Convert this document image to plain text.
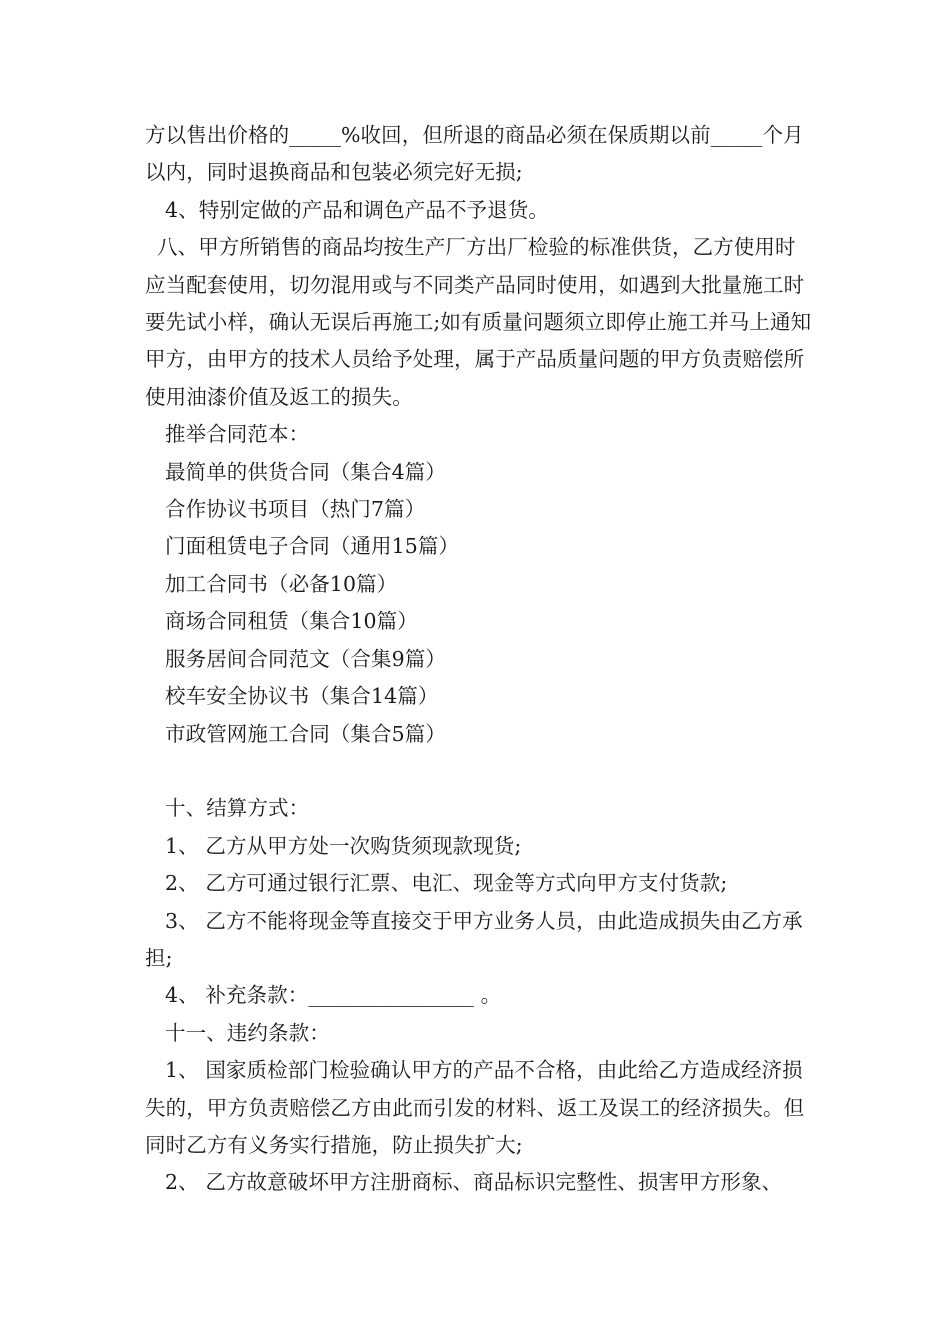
方以售出价格的_____%收回，但所退的商品必须在保质期以前_____个月以内，同时退换商品和包装必须完好无损;

4、特别定做的产品和调色产品不予退货。

八、甲方所销售的商品均按生产厂方出厂检验的标准供货，乙方使用时应当配套使用，切勿混用或与不同类产品同时使用，如遇到大批量施工时要先试小样，确认无误后再施工;如有质量问题须立即停止施工并马上通知甲方，由甲方的技术人员给予处理，属于产品质量问题的甲方负责赔偿所使用油漆价值及返工的损失。

推举合同范本：

最简单的供货合同（集合4篇）

合作协议书项目（热门7篇）

门面租赁电子合同（通用15篇）

加工合同书（必备10篇）

商场合同租赁（集合10篇）

服务居间合同范文（合集9篇）

校车安全协议书（集合14篇）

市政管网施工合同（集合5篇）

十、结算方式：

1、 乙方从甲方处一次购货须现款现货;

2、 乙方可通过银行汇票、电汇、现金等方式向甲方支付货款;

3、 乙方不能将现金等直接交于甲方业务人员，由此造成损失由乙方承担;

4、 补充条款：________________ 。

十一、违约条款：

1、 国家质检部门检验确认甲方的产品不合格，由此给乙方造成经济损失的，甲方负责赔偿乙方由此而引发的材料、返工及误工的经济损失。但同时乙方有义务实行措施，防止损失扩大;

2、 乙方故意破坏甲方注册商标、商品标识完整性、损害甲方形象、
